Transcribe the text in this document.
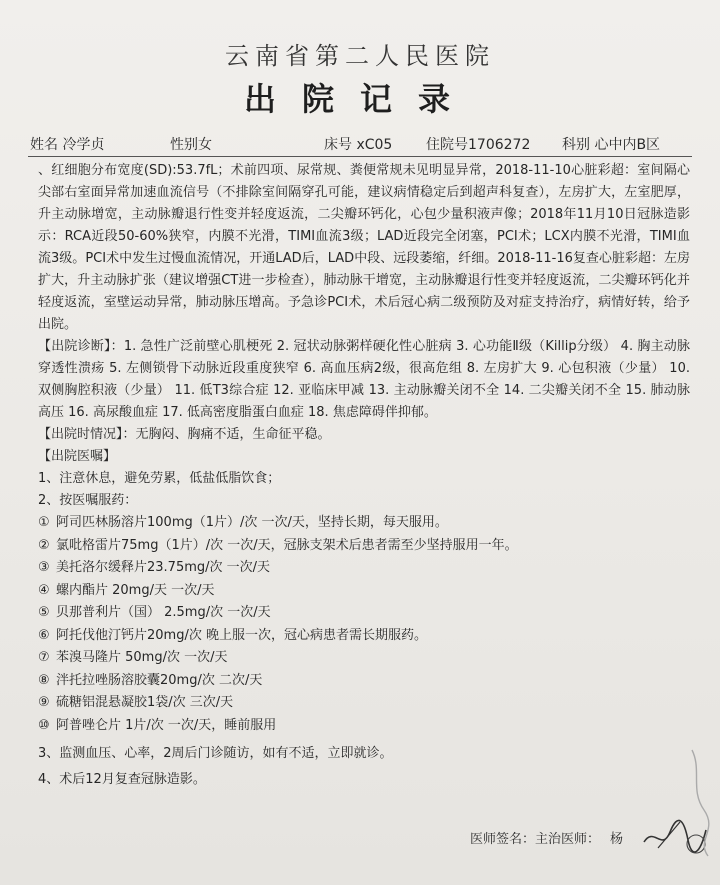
云南省第二人民医院
出院记录
姓名 冷学贞	性别女	床号 xC05 住院号1706272 科别 心中内B区

、红细胞分布宽度(SD):53.7fL；术前四项、尿常规、粪便常规未见明显异常，2018-11-10心脏彩超：室间隔心尖部右室面异常加速血流信号（不排除室间隔穿孔可能，建议病情稳定后到超声科复查），左房扩大，左室肥厚，升主动脉增宽，主动脉瓣退行性变并轻度返流，二尖瓣环钙化，心包少量积液声像；2018年11月10日冠脉造影示：RCA近段50-60%狭窄，内膜不光滑，TIMI血流3级；LAD近段完全闭塞，PCI术；LCX内膜不光滑，TIMI血流3级。PCI术中发生过慢血流情况，开通LAD后，LAD中段、远段萎缩，纤细。2018-11-16复查心脏彩超：左房扩大，升主动脉扩张（建议增强CT进一步检查），肺动脉干增宽，主动脉瓣退行性变并轻度返流，二尖瓣环钙化并轻度返流，室壁运动异常，肺动脉压增高。予急诊PCI术，术后冠心病二级预防及对症支持治疗，病情好转，给予出院。

【出院诊断】：1. 急性广泛前壁心肌梗死 2. 冠状动脉粥样硬化性心脏病 3. 心功能Ⅱ级（Killip分级） 4. 胸主动脉穿透性溃疡 5. 左侧锁骨下动脉近段重度狭窄 6. 高血压病2级，很高危组 8. 左房扩大 9. 心包积液（少量） 10. 双侧胸腔积液（少量） 11. 低T3综合症 12. 亚临床甲减 13. 主动脉瓣关闭不全 14. 二尖瓣关闭不全 15. 肺动脉高压 16. 高尿酸血症 17. 低高密度脂蛋白血症 18. 焦虑障碍伴抑郁。

【出院时情况】：无胸闷、胸痛不适，生命征平稳。

【出院医嘱】

1、注意休息，避免劳累，低盐低脂饮食；

2、按医嘱服药：

① 阿司匹林肠溶片100mg（1片）/次 一次/天，坚持长期，每天服用。
② 氯吡格雷片75mg（1片）/次 一次/天，冠脉支架术后患者需至少坚持服用一年。
③ 美托洛尔缓释片23.75mg/次 一次/天
④ 螺内酯片 20mg/天 一次/天
⑤ 贝那普利片（国） 2.5mg/次 一次/天
⑥ 阿托伐他汀钙片20mg/次 晚上服一次，冠心病患者需长期服药。
⑦ 苯溴马隆片 50mg/次 一次/天
⑧ 泮托拉唑肠溶胶囊20mg/次 二次/天
⑨ 硫糖铝混悬凝胶1袋/次 三次/天
⑩ 阿普唑仑片 1片/次 一次/天，睡前服用

3、监测血压、心率，2周后门诊随访，如有不适，立即就诊。

4、术后12月复查冠脉造影。

医师签名：主治医师： 杨
